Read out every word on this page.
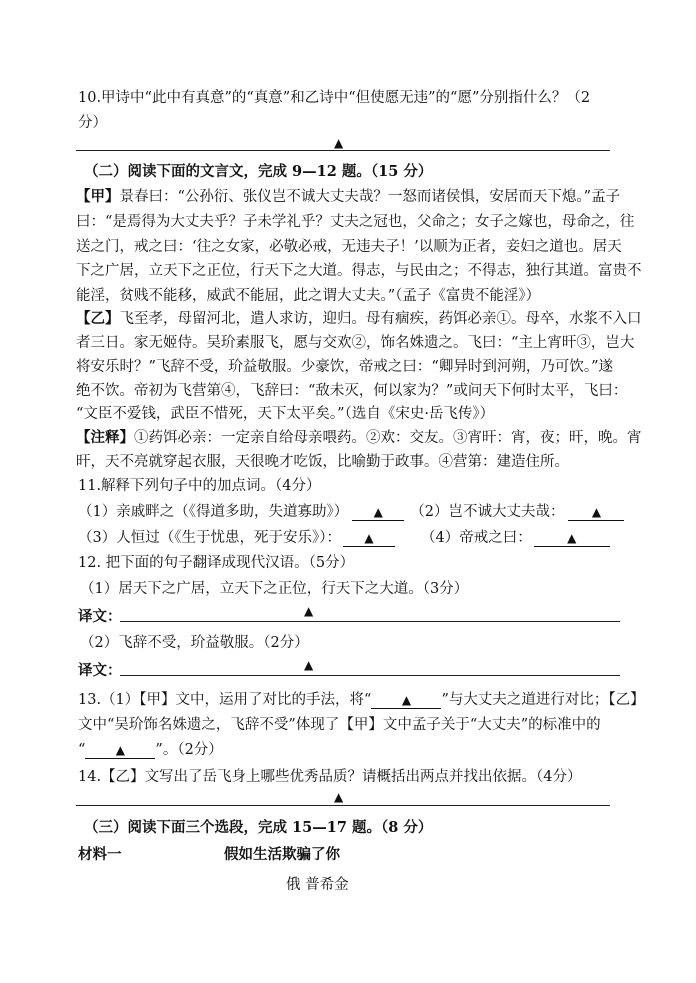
10.甲诗中“此中有真意”的“真意”和乙诗中“但使愿无违”的“愿”分别指什么？（2
分）
▲
（二）阅读下面的文言文，完成 9—12 题。（15 分）
【甲】景春曰：“公孙衍、张仪岂不诚大丈夫哉？一怒而诸侯惧，安居而天下熄。”孟子
曰：“是焉得为大丈夫乎？子未学礼乎？丈夫之冠也，父命之；女子之嫁也，母命之，往
送之门，戒之曰：‘往之女家，必敬必戒，无违夫子！’以顺为正者，妾妇之道也。居天
下之广居，立天下之正位，行天下之大道。得志，与民由之；不得志，独行其道。富贵不
能淫，贫贱不能移，威武不能屈，此之谓大丈夫。”（孟子《富贵不能淫》）
【乙】飞至孝，母留河北，遣人求访，迎归。母有痼疾，药饵必亲①。母卒，水浆不入口
者三日。家无姬侍。吴玠素服飞，愿与交欢②，饰名姝遗之。飞曰：“主上宵旰③，岂大
将安乐时？”飞辞不受，玠益敬服。少豪饮，帝戒之曰：“卿异时到河朔，乃可饮。”遂
绝不饮。帝初为飞营第④，飞辞曰：“敌未灭，何以家为？”或问天下何时太平，飞曰：
“文臣不爱钱，武臣不惜死，天下太平矣。”（选自《宋史·岳飞传》）
【注释】①药饵必亲：一定亲自给母亲喂药。②欢：交友。③宵旰：宵，夜；旰，晚。宵
旰，天不亮就穿起衣服，天很晚才吃饭，比喻勤于政事。④营第：建造住所。
11.解释下列句子中的加点词。（4分）
（1）亲戚畔之（《得道多助，失道寡助》） ▲ （2）岂不诚大丈夫哉： ▲
（3）人恒过（《生于忧患，死于安乐》）： ▲	（4）帝戒之曰：	▲
12. 把下面的句子翻译成现代汉语。（5分）
（1）居天下之广居，立天下之正位，行天下之大道。（3分）
译文：	▲
（2）飞辞不受，玠益敬服。（2分）
译文：	▲
13.（1）【甲】文中，运用了对比的手法，将“	▲ ”与大丈夫之道进行对比；【乙】
文中“吴玠饰名姝遗之，飞辞不受”体现了【甲】文中孟子关于“大丈夫”的标准中的
“	▲ ”。（2分）
14.【乙】文写出了岳飞身上哪些优秀品质？请概括出两点并找出依据。（4分）
▲
（三）阅读下面三个选段，完成 15—17 题。（8 分）
材料一	假如生活欺骗了你
俄 普希金
